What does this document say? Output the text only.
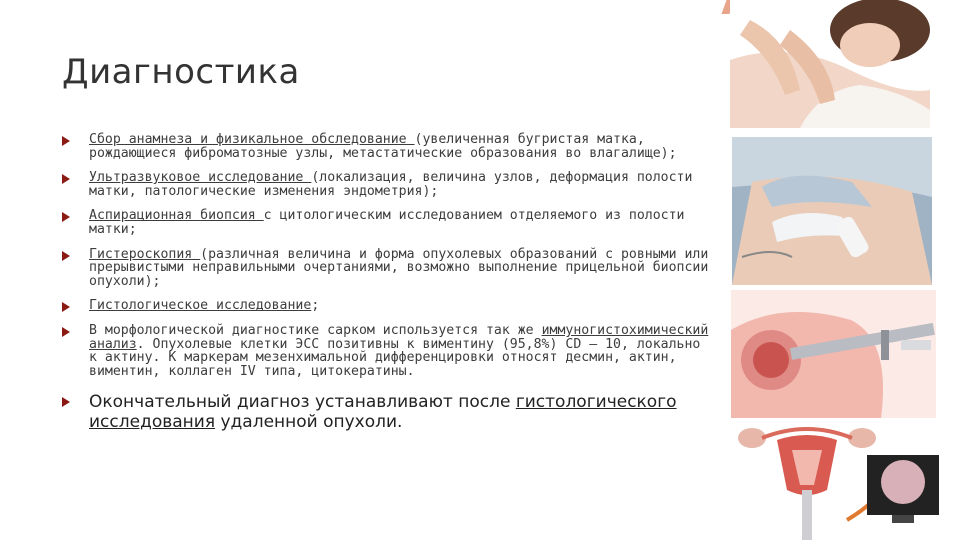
Диагностика
Сбор анамнеза и физикальное обследование (увеличенная бугристая матка, рождающиеся фиброматозные узлы, метастатические образования во влагалище);
Ультразвуковое исследование (локализация, величина узлов, деформация полости матки, патологические изменения эндометрия);
Аспирационная биопсия с цитологическим исследованием отделяемого из полости матки;
Гистероскопия (различная величина и форма опухолевых образований с ровными или прерывистыми неправильными очертаниями, возможно выполнение прицельной биопсии опухоли);
Гистологическое исследование;
В морфологической диагностике сарком используется так же иммуногистохимический анализ. Опухолевые клетки ЭСС позитивны к виментину (95,8%) CD – 10, локально к актину. К маркерам мезенхимальной дифференцировки относят десмин, актин, виментин, коллаген IV типа, цитокератины.
Окончательный диагноз устанавливают после гистологического исследования удаленной опухоли.
